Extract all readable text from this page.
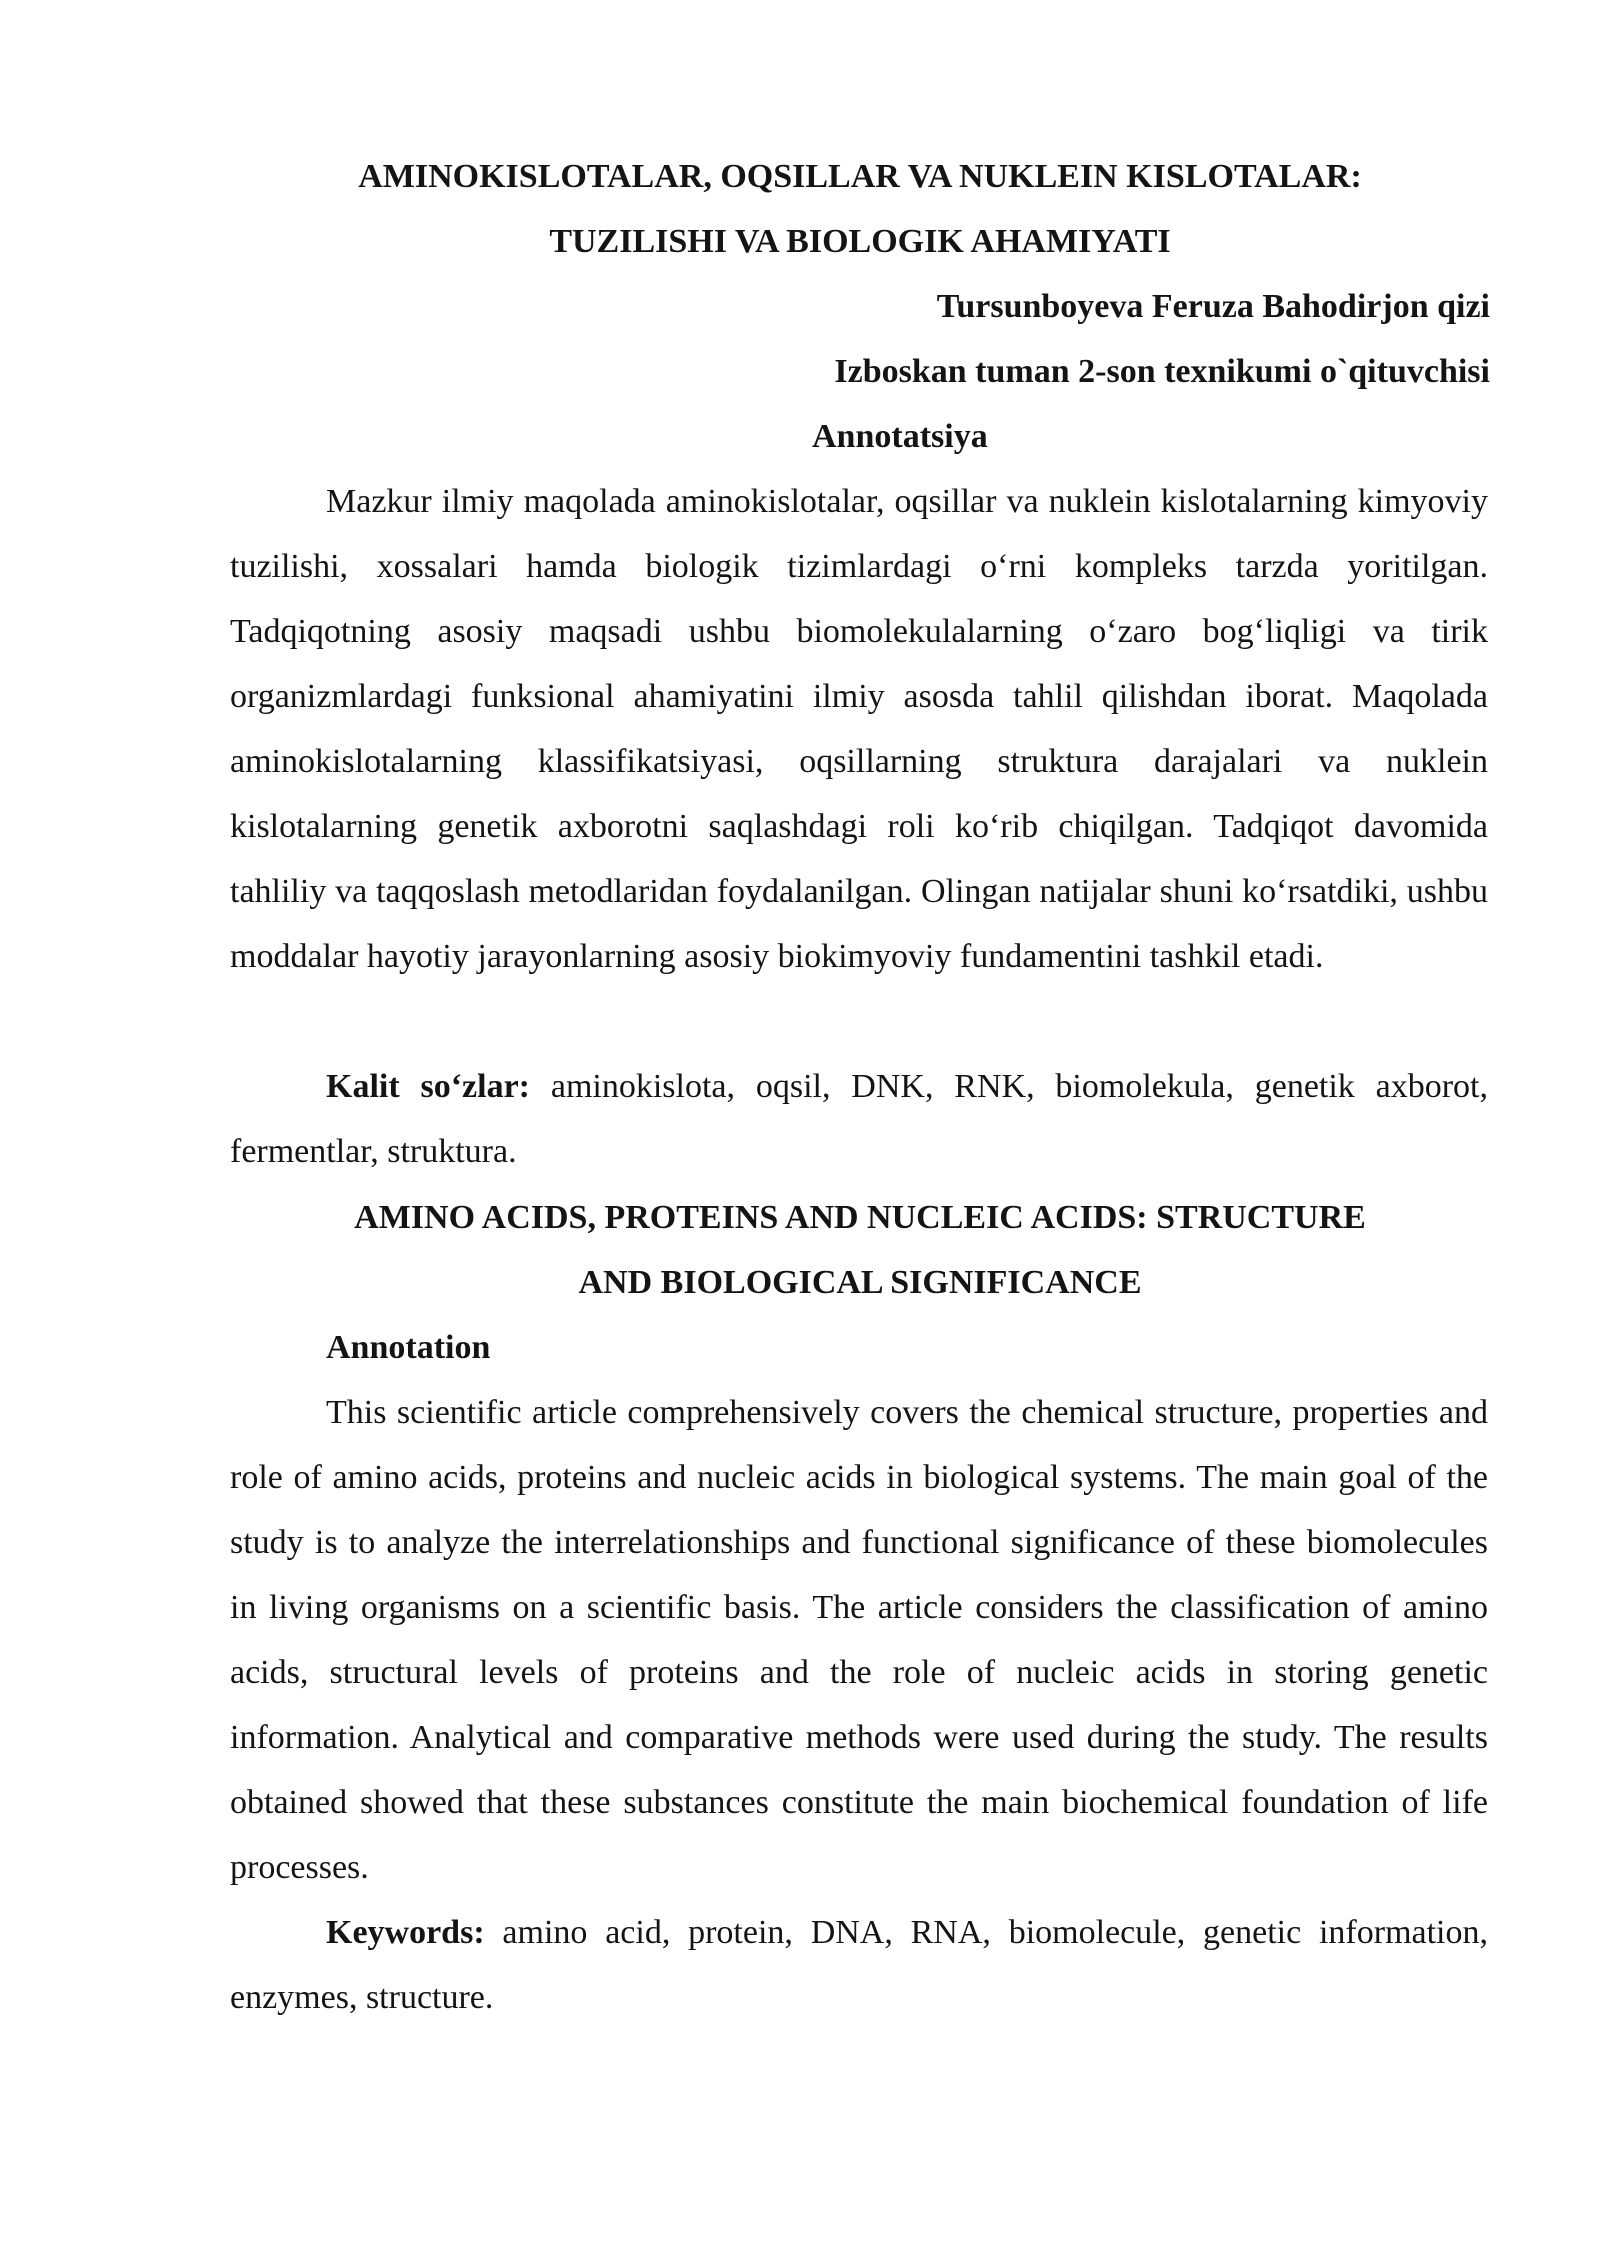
AMINOKISLOTALAR, OQSILLAR VA NUKLEIN KISLOTALAR:

TUZILISHI VA BIOLOGIK AHAMIYATI

Tursunboyeva Feruza Bahodirjon qizi

Izboskan tuman 2-son texnikumi o`qituvchisi

Annotatsiya

Mazkur ilmiy maqolada aminokislotalar, oqsillar va nuklein kislotalarning kimyoviy tuzilishi, xossalari hamda biologik tizimlardagi o‘rni kompleks tarzda yoritilgan. Tadqiqotning asosiy maqsadi ushbu biomolekulalarning o‘zaro bog‘liqligi va tirik organizmlardagi funksional ahamiyatini ilmiy asosda tahlil qilishdan iborat. Maqolada aminokislotalarning klassifikatsiyasi, oqsillarning struktura darajalari va nuklein kislotalarning genetik axborotni saqlashdagi roli ko‘rib chiqilgan. Tadqiqot davomida tahliliy va taqqoslash metodlaridan foydalanilgan. Olingan natijalar shuni ko‘rsatdiki, ushbu moddalar hayotiy jarayonlarning asosiy biokimyoviy fundamentini tashkil etadi.

Kalit so‘zlar: aminokislota, oqsil, DNK, RNK, biomolekula, genetik axborot, fermentlar, struktura.

AMINO ACIDS, PROTEINS AND NUCLEIC ACIDS: STRUCTURE

AND BIOLOGICAL SIGNIFICANCE

Annotation

This scientific article comprehensively covers the chemical structure, properties and role of amino acids, proteins and nucleic acids in biological systems. The main goal of the study is to analyze the interrelationships and functional significance of these biomolecules in living organisms on a scientific basis. The article considers the classification of amino acids, structural levels of proteins and the role of nucleic acids in storing genetic information. Analytical and comparative methods were used during the study. The results obtained showed that these substances constitute the main biochemical foundation of life processes.

Keywords: amino acid, protein, DNA, RNA, biomolecule, genetic information, enzymes, structure.
